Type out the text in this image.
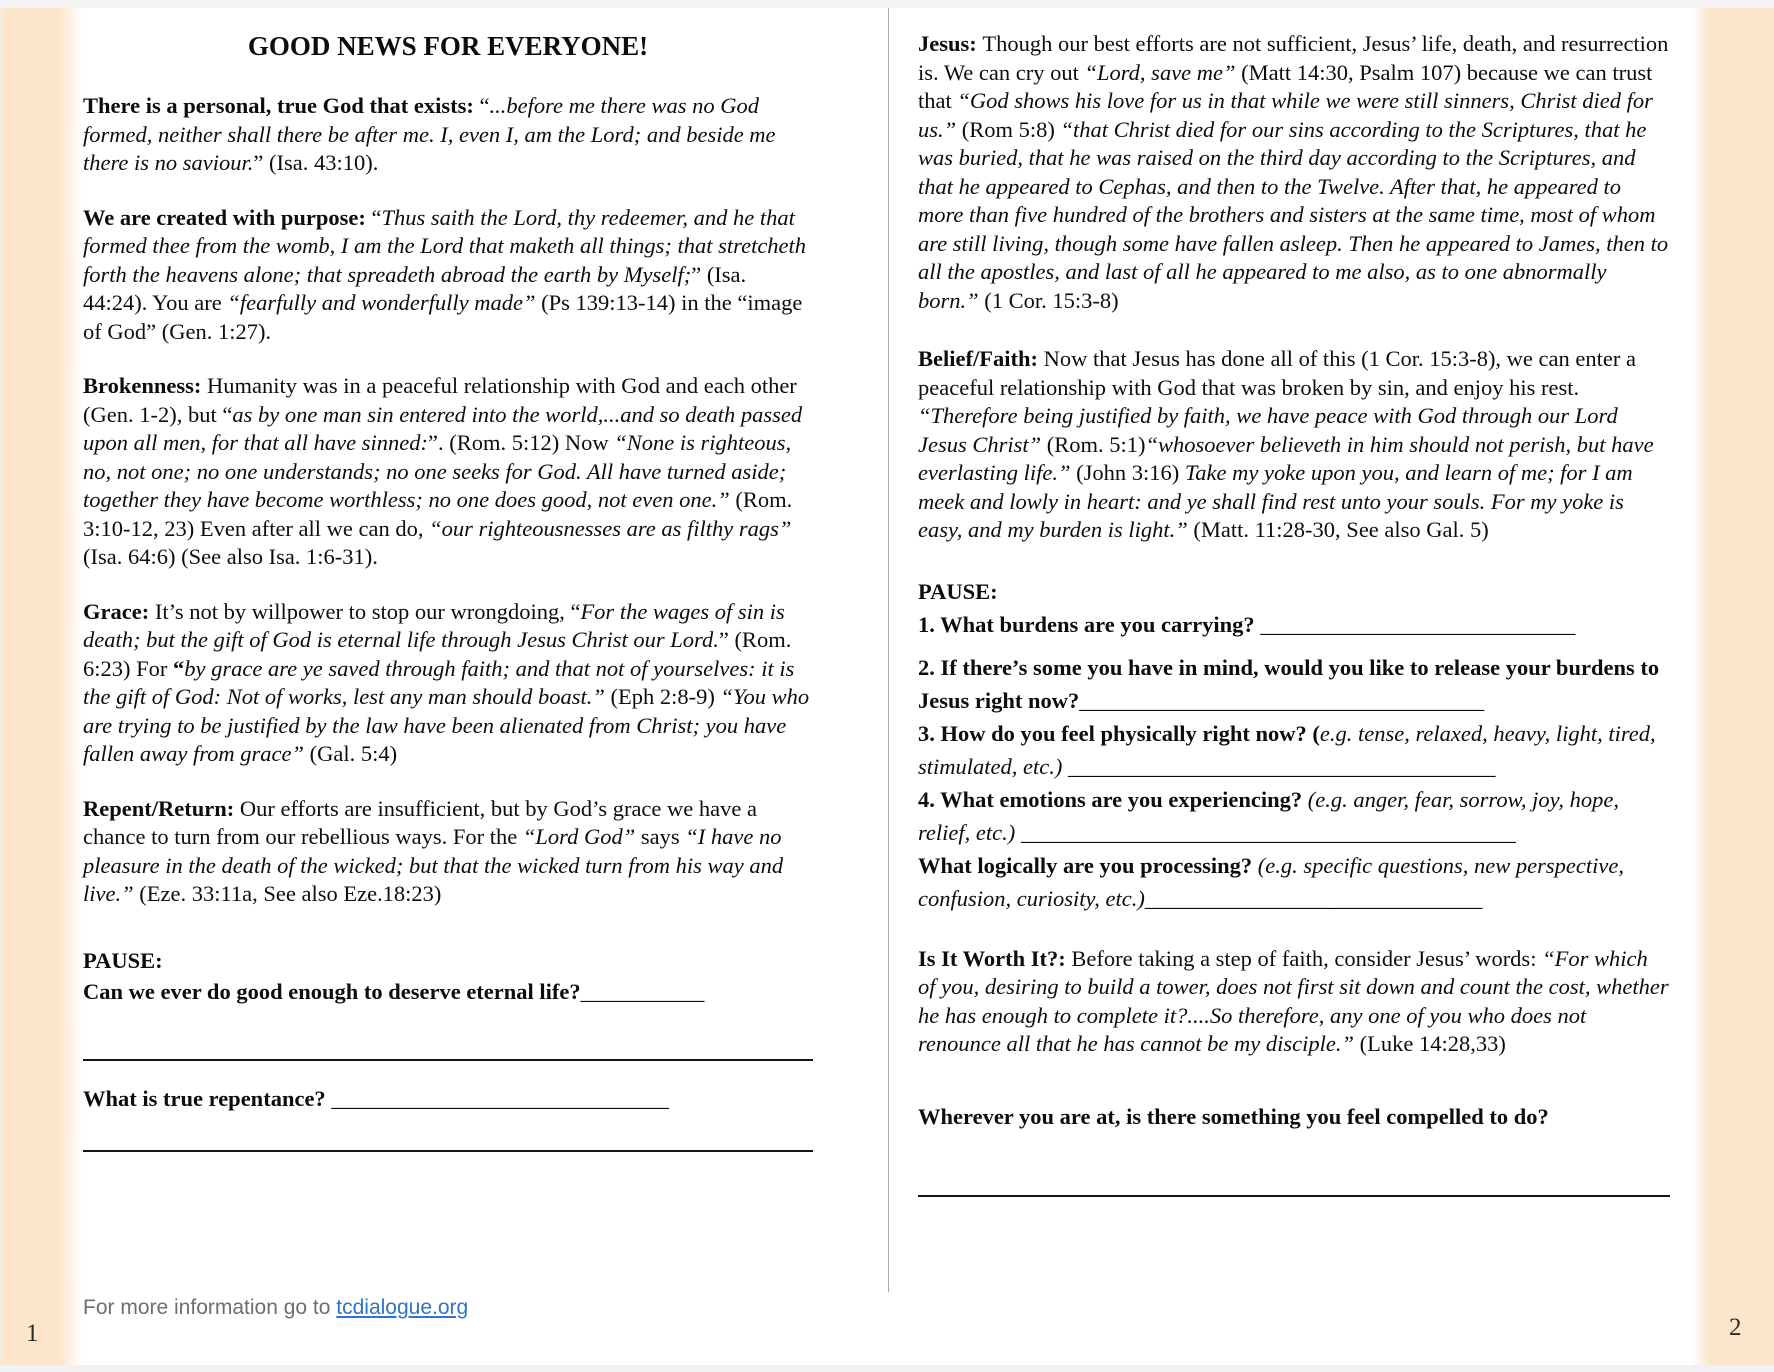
GOOD NEWS FOR EVERYONE!

There is a personal, true God that exists: “...before me there was no God formed, neither shall there be after me. I, even I, am the Lord; and beside me there is no saviour.” (Isa. 43:10).

We are created with purpose: “Thus saith the Lord, thy redeemer, and he that formed thee from the womb, I am the Lord that maketh all things; that stretcheth forth the heavens alone; that spreadeth abroad the earth by Myself;” (Isa. 44:24). You are “fearfully and wonderfully made” (Ps 139:13-14) in the “image of God” (Gen. 1:27).

Brokenness: Humanity was in a peaceful relationship with God and each other (Gen. 1-2), but “as by one man sin entered into the world,...and so death passed upon all men, for that all have sinned:”. (Rom. 5:12) Now “None is righteous, no, not one; no one understands; no one seeks for God. All have turned aside; together they have become worthless; no one does good, not even one.” (Rom. 3:10-12, 23) Even after all we can do, “our righteousnesses are as filthy rags” (Isa. 64:6) (See also Isa. 1:6-31).

Grace: It’s not by willpower to stop our wrongdoing, “For the wages of sin is death; but the gift of God is eternal life through Jesus Christ our Lord.” (Rom. 6:23) For “by grace are ye saved through faith; and that not of yourselves: it is the gift of God: Not of works, lest any man should boast.” (Eph 2:8-9) “You who are trying to be justified by the law have been alienated from Christ; you have fallen away from grace” (Gal. 5:4)

Repent/Return: Our efforts are insufficient, but by God’s grace we have a chance to turn from our rebellious ways. For the “Lord God” says “I have no pleasure in the death of the wicked; but that the wicked turn from his way and live.” (Eze. 33:11a, See also Eze.18:23)

PAUSE:

Can we ever do good enough to deserve eternal life?___________

What is true repentance? ______________________________

Jesus: Though our best efforts are not sufficient, Jesus’ life, death, and resurrection is. We can cry out “Lord, save me” (Matt 14:30, Psalm 107) because we can trust that “God shows his love for us in that while we were still sinners, Christ died for us.” (Rom 5:8) “that Christ died for our sins according to the Scriptures, that he was buried, that he was raised on the third day according to the Scriptures, and that he appeared to Cephas, and then to the Twelve. After that, he appeared to more than five hundred of the brothers and sisters at the same time, most of whom are still living, though some have fallen asleep. Then he appeared to James, then to all the apostles, and last of all he appeared to me also, as to one abnormally born.” (1 Cor. 15:3-8)

Belief/Faith: Now that Jesus has done all of this (1 Cor. 15:3-8), we can enter a peaceful relationship with God that was broken by sin, and enjoy his rest. “Therefore being justified by faith, we have peace with God through our Lord Jesus Christ” (Rom. 5:1)“whosoever believeth in him should not perish, but have everlasting life.” (John 3:16) Take my yoke upon you, and learn of me; for I am meek and lowly in heart: and ye shall find rest unto your souls. For my yoke is easy, and my burden is light.” (Matt. 11:28-30, See also Gal. 5)

PAUSE:

1. What burdens are you carrying? ____________________________

2. If there’s some you have in mind, would you like to release your burdens to Jesus right now?____________________________________

3. How do you feel physically right now? (e.g. tense, relaxed, heavy, light, tired, stimulated, etc.) ______________________________________

4. What emotions are you experiencing? (e.g. anger, fear, sorrow, joy, hope, relief, etc.) ____________________________________________

What logically are you processing? (e.g. specific questions, new perspective, confusion, curiosity, etc.)______________________________

Is It Worth It?: Before taking a step of faith, consider Jesus’ words: “For which of you, desiring to build a tower, does not first sit down and count the cost, whether he has enough to complete it?....So therefore, any one of you who does not renounce all that he has cannot be my disciple.” (Luke 14:28,33)

Wherever you are at, is there something you feel compelled to do?

For more information go to tcdialogue.org
1	2
